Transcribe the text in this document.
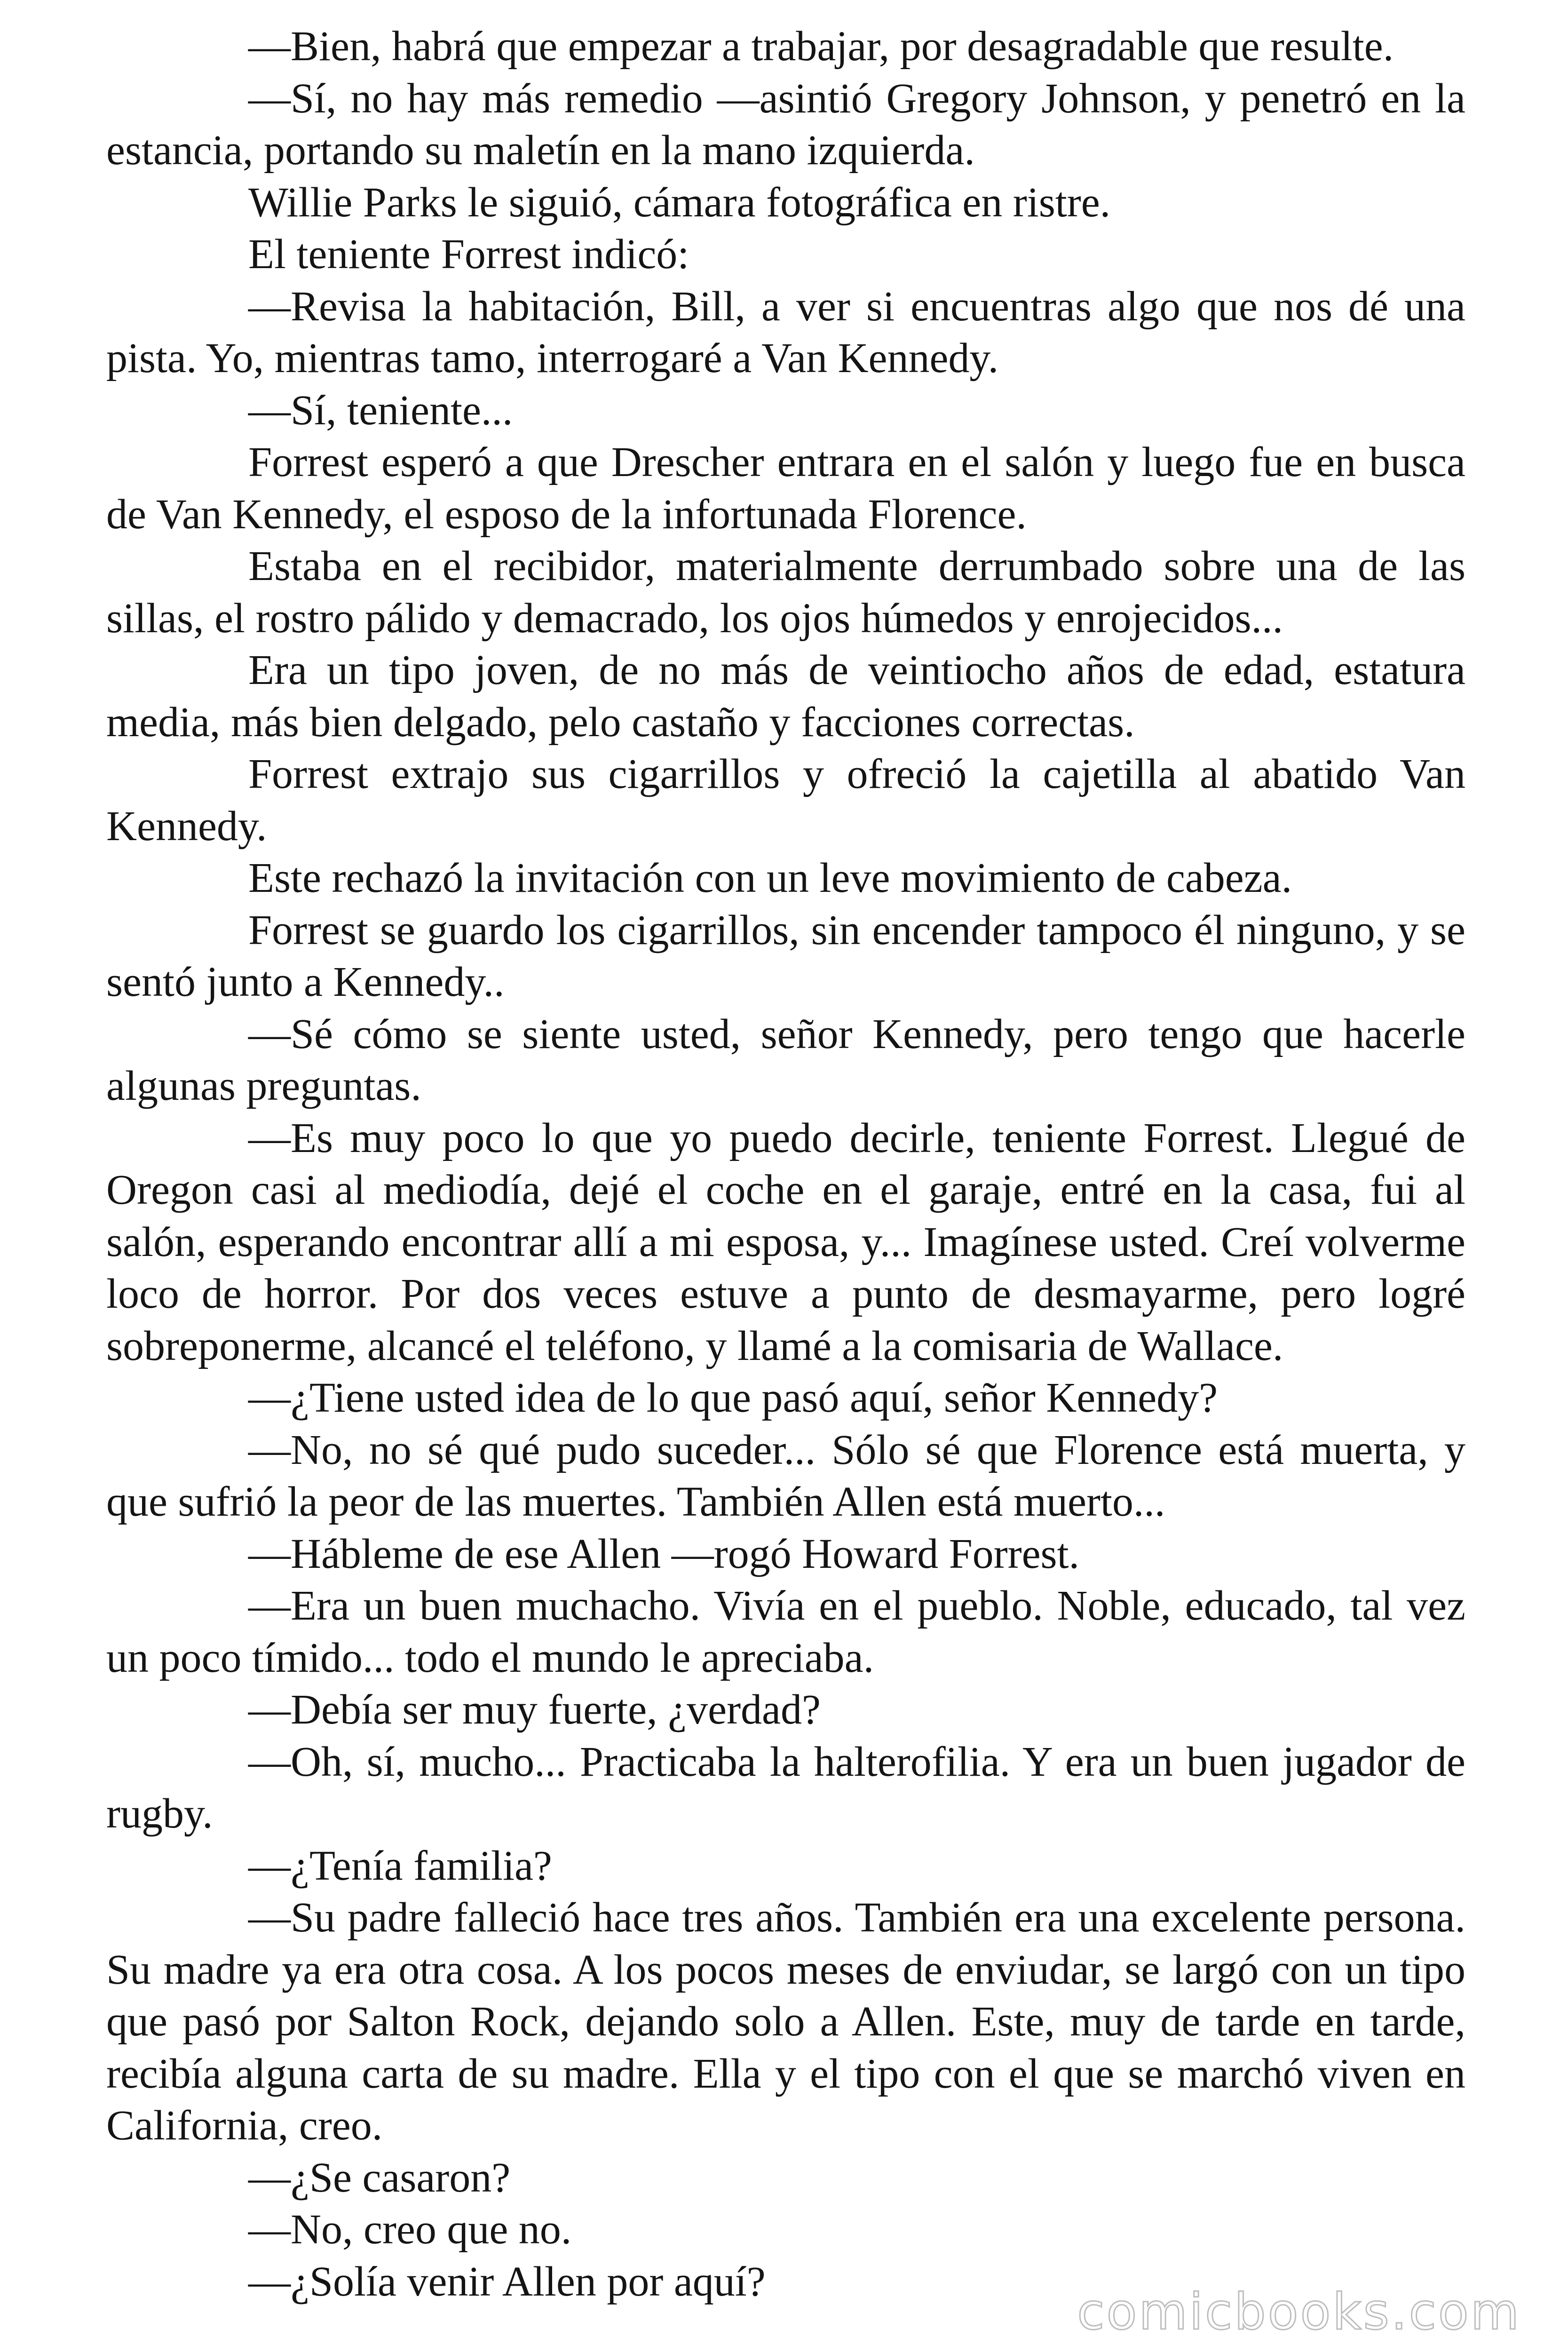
—Bien, habrá que empezar a trabajar, por desagradable que resulte.

—Sí, no hay más remedio —asintió Gregory Johnson, y penetró en la estancia, portando su maletín en la mano izquierda.

Willie Parks le siguió, cámara fotográfica en ristre.

El teniente Forrest indicó:

—Revisa la habitación, Bill, a ver si encuentras algo que nos dé una pista. Yo, mientras tamo, interrogaré a Van Kennedy.

—Sí, teniente...

Forrest esperó a que Drescher entrara en el salón y luego fue en busca de Van Kennedy, el esposo de la infortunada Florence.

Estaba en el recibidor, materialmente derrumbado sobre una de las sillas, el rostro pálido y demacrado, los ojos húmedos y enrojecidos...

Era un tipo joven, de no más de veintiocho años de edad, estatura media, más bien delgado, pelo castaño y facciones correctas.

Forrest extrajo sus cigarrillos y ofreció la cajetilla al abatido Van Kennedy.

Este rechazó la invitación con un leve movimiento de cabeza.

Forrest se guardo los cigarrillos, sin encender tampoco él ninguno, y se sentó junto a Kennedy..

—Sé cómo se siente usted, señor Kennedy, pero tengo que hacerle algunas preguntas.

—Es muy poco lo que yo puedo decirle, teniente Forrest. Llegué de Oregon casi al mediodía, dejé el coche en el garaje, entré en la casa, fui al salón, esperando encontrar allí a mi esposa, y... Imagínese usted. Creí volverme loco de horror. Por dos veces estuve a punto de desmayarme, pero logré sobreponerme, alcancé el teléfono, y llamé a la comisaria de Wallace.

—¿Tiene usted idea de lo que pasó aquí, señor Kennedy?

—No, no sé qué pudo suceder... Sólo sé que Florence está muerta, y que sufrió la peor de las muertes. También Allen está muerto...

—Hábleme de ese Allen —rogó Howard Forrest.

—Era un buen muchacho. Vivía en el pueblo. Noble, educado, tal vez un poco tímido... todo el mundo le apreciaba.

—Debía ser muy fuerte, ¿verdad?

—Oh, sí, mucho... Practicaba la halterofilia. Y era un buen jugador de rugby.

—¿Tenía familia?

—Su padre falleció hace tres años. También era una excelente persona. Su madre ya era otra cosa. A los pocos meses de enviudar, se largó con un tipo que pasó por Salton Rock, dejando solo a Allen. Este, muy de tarde en tarde, recibía alguna carta de su madre. Ella y el tipo con el que se marchó viven en California, creo.

—¿Se casaron?

—No, creo que no.

—¿Solía venir Allen por aquí?

comicbooks.com
